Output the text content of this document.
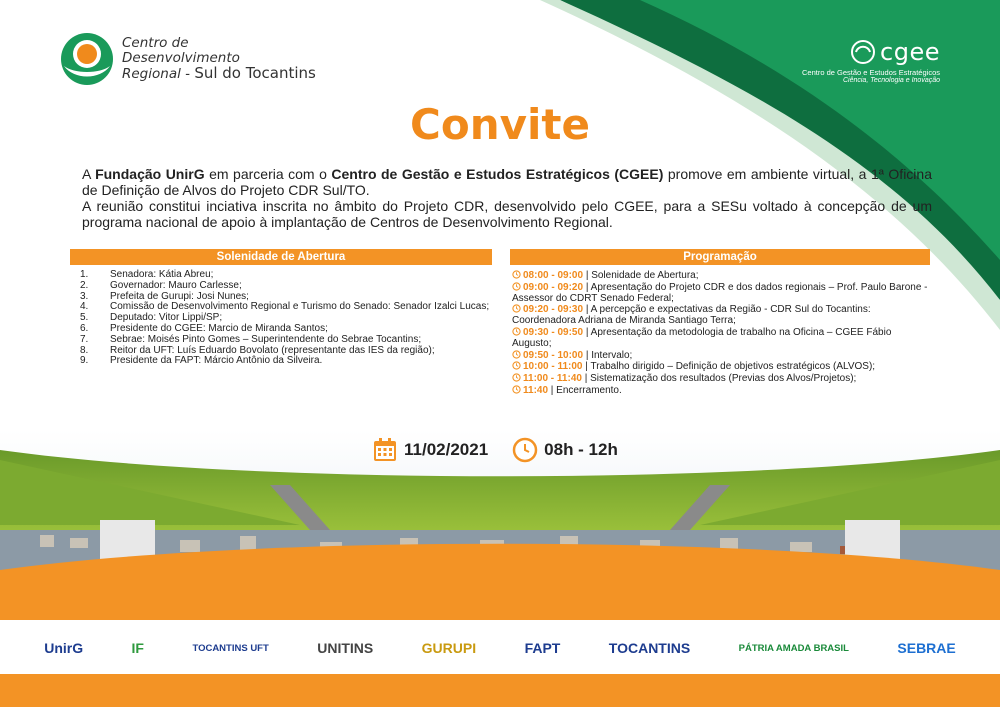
Centro de
Desenvolvimento
Regional - Sul do Tocantins
cgee
Centro de Gestão e Estudos Estratégicos
Ciência, Tecnologia e Inovação
Convite

A Fundação UnirG em parceria com o Centro de Gestão e Estudos Estratégicos (CGEE) promove em ambiente virtual, a 1ª Oficina de Definição de Alvos do Projeto CDR Sul/TO.

A reunião constitui inciativa inscrita no âmbito do Projeto CDR, desenvolvido pelo CGEE, para a SESu voltado à concepção de um programa nacional de apoio à implantação de Centros de Desenvolvimento Regional.

Solenidade de Abertura
1.	Senadora: Kátia Abreu;
2.	Governador: Mauro Carlesse;
3.	Prefeita de Gurupi: Josi Nunes;
4.	Comissão de Desenvolvimento Regional e Turismo do Senado: Senador Izalci Lucas;
5.	Deputado: Vitor Lippi/SP;
6.	Presidente do CGEE: Marcio de Miranda Santos;
7.	Sebrae: Moisés Pinto Gomes – Superintendente do Sebrae Tocantins;
8.	Reitor da UFT: Luís Eduardo Bovolato (representante das IES da região);
9.	Presidente da FAPT: Márcio Antônio da Silveira.
Programação
08:00 - 09:00 | Solenidade de Abertura;
09:00 - 09:20 | Apresentação do Projeto CDR e dos dados regionais – Prof. Paulo Barone - Assessor do CDRT Senado Federal;
09:20 - 09:30 | A percepção e expectativas da Região - CDR Sul do Tocantins: Coordenadora Adriana de Miranda Santiago Terra;
09:30 - 09:50 | Apresentação da metodologia de trabalho na Oficina – CGEE Fábio Augusto;
09:50 - 10:00 | Intervalo;
10:00 - 11:00 | Trabalho dirigido – Definição de objetivos estratégicos (ALVOS);
11:00 - 11:40 | Sistematização dos resultados (Previas dos Alvos/Projetos);
11:40 | Encerramento.
11/02/2021	08h - 12h
UnirG	IF	TOCANTINS UFT	UNITINS	GURUPI	FAPT	TOCANTINS	PÁTRIA AMADA BRASIL	SEBRAE
